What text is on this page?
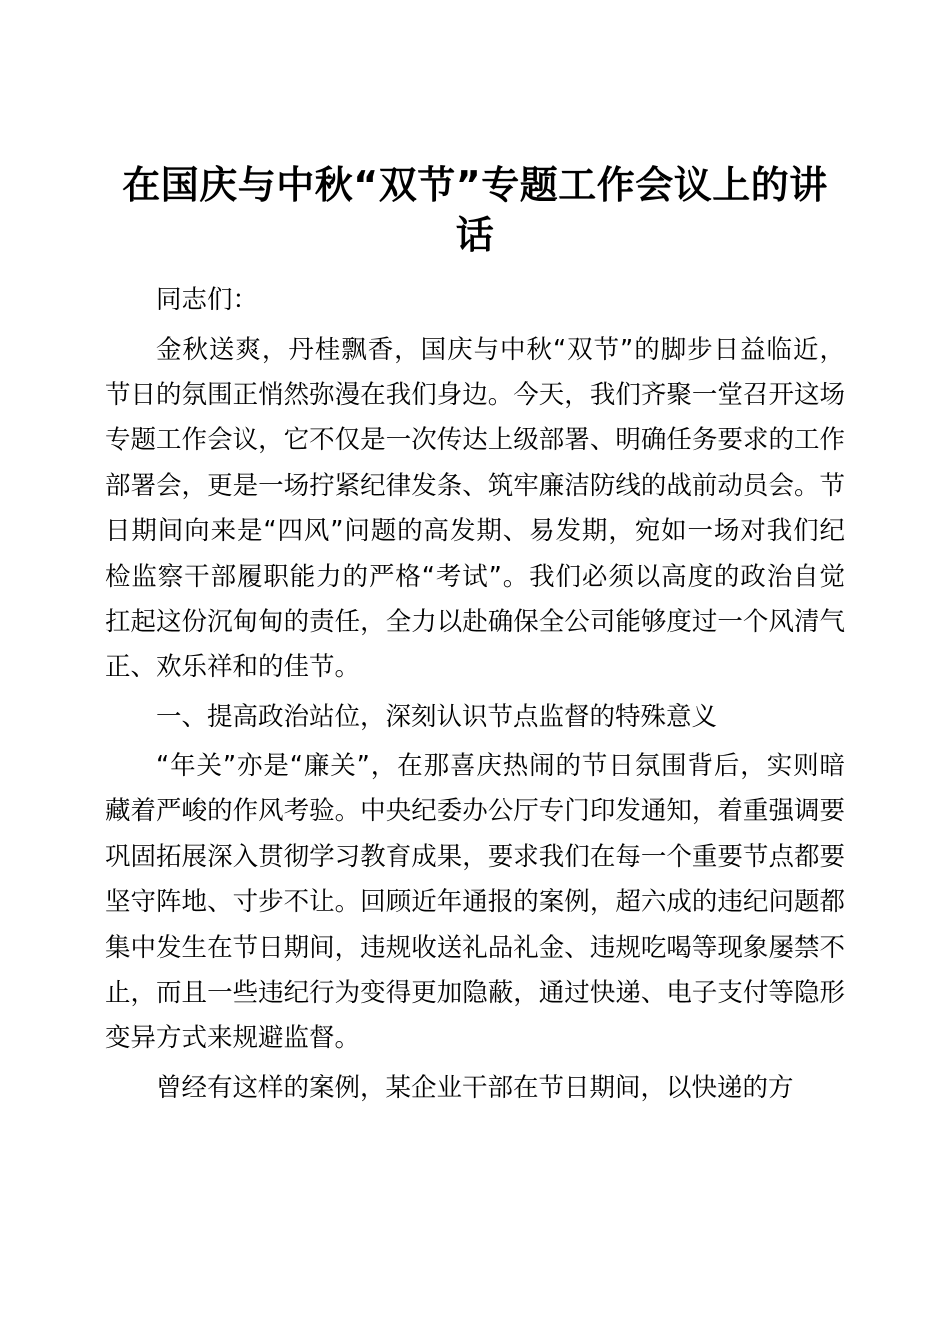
在国庆与中秋“双节”专题工作会议上的讲话

同志们：

金秋送爽，丹桂飘香，国庆与中秋“双节”的脚步日益临近，节日的氛围正悄然弥漫在我们身边。今天，我们齐聚一堂召开这场专题工作会议，它不仅是一次传达上级部署、明确任务要求的工作部署会，更是一场拧紧纪律发条、筑牢廉洁防线的战前动员会。节日期间向来是“四风”问题的高发期、易发期，宛如一场对我们纪检监察干部履职能力的严格“考试”。我们必须以高度的政治自觉扛起这份沉甸甸的责任，全力以赴确保全公司能够度过一个风清气正、欢乐祥和的佳节。

一、提高政治站位，深刻认识节点监督的特殊意义

“年关”亦是“廉关”，在那喜庆热闹的节日氛围背后，实则暗藏着严峻的作风考验。中央纪委办公厅专门印发通知，着重强调要巩固拓展深入贯彻学习教育成果，要求我们在每一个重要节点都要坚守阵地、寸步不让。回顾近年通报的案例，超六成的违纪问题都集中发生在节日期间，违规收送礼品礼金、违规吃喝等现象屡禁不止，而且一些违纪行为变得更加隐蔽，通过快递、电子支付等隐形变异方式来规避监督。

曾经有这样的案例，某企业干部在节日期间，以快递的方
